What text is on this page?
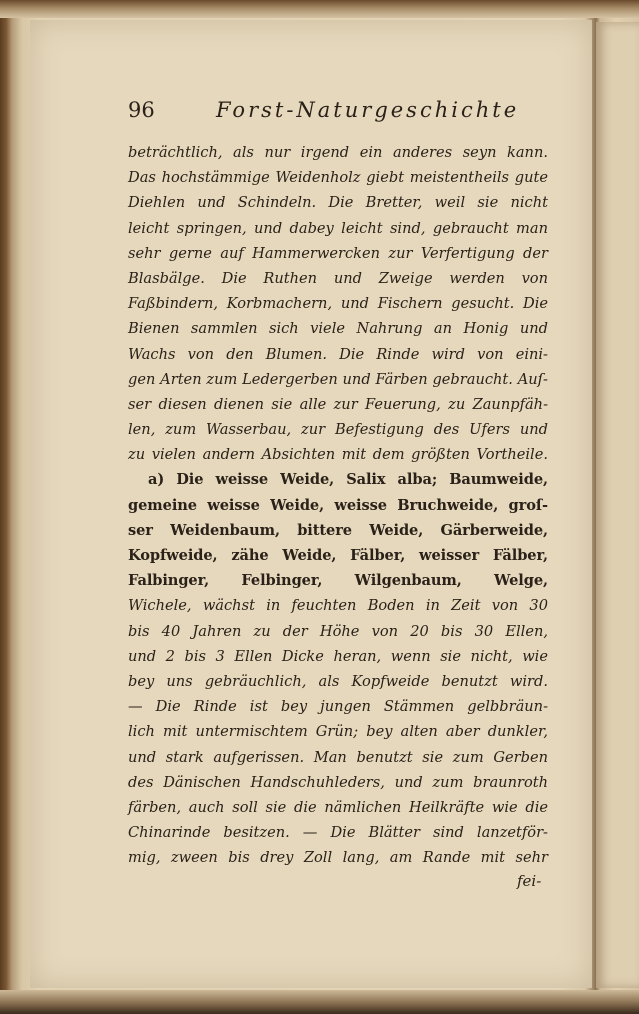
96	Forst-Naturgeschichte
beträchtlich, als nur irgend ein anderes seyn kann.
Das hochstämmige Weidenholz giebt meistentheils gute
Diehlen und Schindeln. Die Bretter, weil sie nicht
leicht springen, und dabey leicht sind, gebraucht man
sehr gerne auf Hammerwercken zur Verfertigung der
Blasbälge. Die Ruthen und Zweige werden von
Faßbindern, Korbmachern, und Fischern gesucht. Die
Bienen sammlen sich viele Nahrung an Honig und
Wachs von den Blumen. Die Rinde wird von eini-
gen Arten zum Ledergerben und Färben gebraucht. Auſ-
ser diesen dienen sie alle zur Feuerung, zu Zaunpfäh-
len, zum Wasserbau, zur Befestigung des Ufers und
zu vielen andern Absichten mit dem größten Vortheile.
a) Die weisse Weide, Salix alba; Baumweide,
gemeine weisse Weide, weisse Bruchweide, groſ-
ser Weidenbaum, bittere Weide, Gärberweide,
Kopfweide, zähe Weide, Fälber, weisser Fälber,
Falbinger, Felbinger, Wilgenbaum, Welge,
Wichele, wächst in feuchten Boden in Zeit von 30
bis 40 Jahren zu der Höhe von 20 bis 30 Ellen,
und 2 bis 3 Ellen Dicke heran, wenn sie nicht, wie
bey uns gebräuchlich, als Kopfweide benutzt wird.
— Die Rinde ist bey jungen Stämmen gelbbräun-
lich mit untermischtem Grün; bey alten aber dunkler,
und stark aufgerissen. Man benutzt sie zum Gerben
des Dänischen Handschuhleders, und zum braunroth
färben, auch soll sie die nämlichen Heilkräfte wie die
Chinarinde besitzen. — Die Blätter sind lanzetför-
mig, zween bis drey Zoll lang, am Rande mit sehr
fei-
